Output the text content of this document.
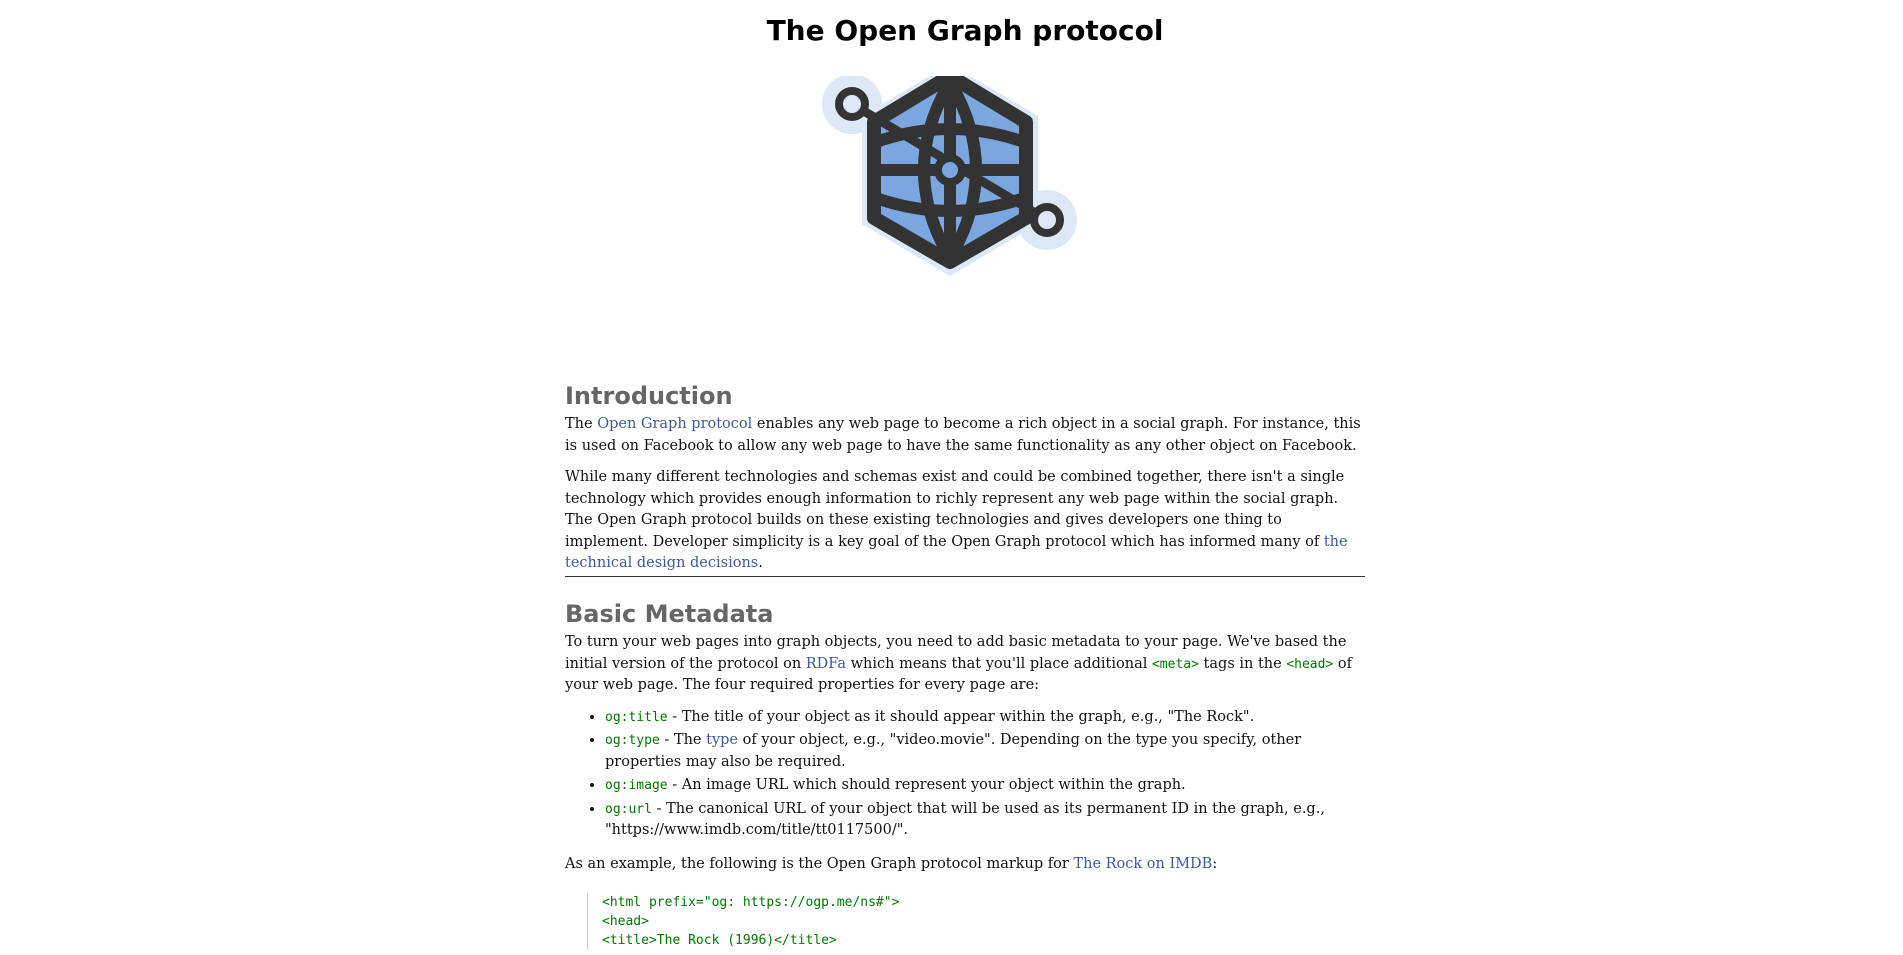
The Open Graph protocol
Introduction

The Open Graph protocol enables any web page to become a rich object in a social graph. For instance, this is used on Facebook to allow any web page to have the same functionality as any other object on Facebook.

While many different technologies and schemas exist and could be combined together, there isn't a single technology which provides enough information to richly represent any web page within the social graph. The Open Graph protocol builds on these existing technologies and gives developers one thing to implement. Developer simplicity is a key goal of the Open Graph protocol which has informed many of the technical design decisions.

Basic Metadata

To turn your web pages into graph objects, you need to add basic metadata to your page. We've based the initial version of the protocol on RDFa which means that you'll place additional <meta> tags in the <head> of your web page. The four required properties for every page are:

• og:title - The title of your object as it should appear within the graph, e.g., "The Rock".
• og:type - The type of your object, e.g., "video.movie". Depending on the type you specify, other properties may also be required.
• og:image - An image URL which should represent your object within the graph.
• og:url - The canonical URL of your object that will be used as its permanent ID in the graph, e.g., "https://www.imdb.com/title/tt0117500/".

As an example, the following is the Open Graph protocol markup for The Rock on IMDB:

<html prefix="og: https://ogp.me/ns#">
<head>
<title>The Rock (1996)</title>
